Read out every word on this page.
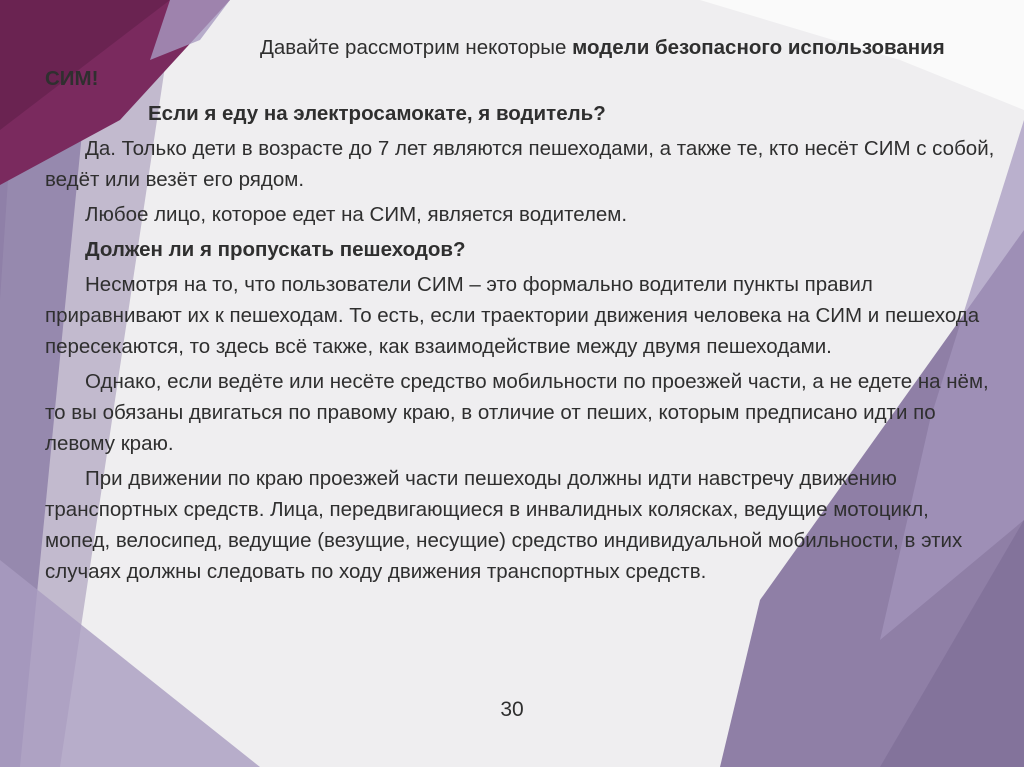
Давайте рассмотрим некоторые модели безопасного использования СИМ!

Если я еду на электросамокате, я водитель?

Да. Только дети в возрасте до 7 лет являются пешеходами, а также те, кто несёт СИМ с собой, ведёт или везёт его рядом.

Любое лицо, которое едет на СИМ, является водителем.

Должен ли я пропускать пешеходов?

Несмотря на то, что пользователи СИМ – это формально водители пункты правил приравнивают их к пешеходам. То есть, если траектории движения человека на СИМ и пешехода пересекаются, то здесь всё также, как взаимодействие между двумя пешеходами.

Однако, если ведёте или несёте средство мобильности по проезжей части, а не едете на нём, то вы обязаны двигаться по правому краю, в отличие от пеших, которым предписано идти по левому краю.

При движении по краю проезжей части пешеходы должны идти навстречу движению транспортных средств. Лица, передвигающиеся в инвалидных колясках, ведущие мотоцикл, мопед, велосипед, ведущие (везущие, несущие) средство индивидуальной мобильности, в этих случаях должны следовать по ходу движения транспортных средств.

30
